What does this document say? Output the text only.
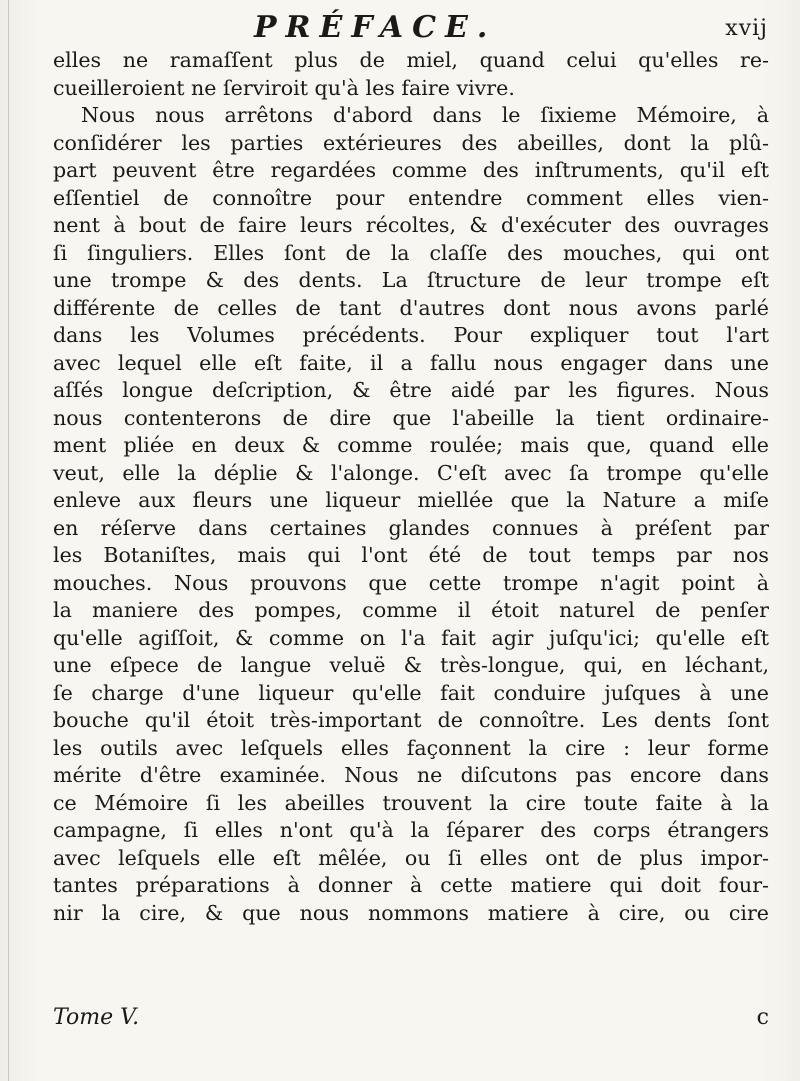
PRÉFACE.	xvij
elles ne ramaſſent plus de miel, quand celui qu'elles re-
cueilleroient ne ſerviroit qu'à les faire vivre.
Nous nous arrêtons d'abord dans le ſixieme Mémoire, à
conſidérer les parties extérieures des abeilles, dont la plû-
part peuvent être regardées comme des inſtruments, qu'il eſt
eſſentiel de connoître pour entendre comment elles vien-
nent à bout de faire leurs récoltes, & d'exécuter des ouvrages
ſi ſinguliers. Elles ſont de la claſſe des mouches, qui ont
une trompe & des dents. La ſtructure de leur trompe eſt
différente de celles de tant d'autres dont nous avons parlé
dans les Volumes précédents. Pour expliquer tout l'art
avec lequel elle eſt faite, il a fallu nous engager dans une
aſſés longue deſcription, & être aidé par les figures. Nous
nous contenterons de dire que l'abeille la tient ordinaire-
ment pliée en deux & comme roulée; mais que, quand elle
veut, elle la déplie & l'alonge. C'eſt avec ſa trompe qu'elle
enleve aux fleurs une liqueur miellée que la Nature a miſe
en réſerve dans certaines glandes connues à préſent par
les Botaniſtes, mais qui l'ont été de tout temps par nos
mouches. Nous prouvons que cette trompe n'agit point à
la maniere des pompes, comme il étoit naturel de penſer
qu'elle agiſſoit, & comme on l'a fait agir juſqu'ici; qu'elle eſt
une eſpece de langue veluë & très-longue, qui, en léchant,
ſe charge d'une liqueur qu'elle fait conduire juſques à une
bouche qu'il étoit très-important de connoître. Les dents ſont
les outils avec leſquels elles façonnent la cire : leur forme
mérite d'être examinée. Nous ne diſcutons pas encore dans
ce Mémoire ſi les abeilles trouvent la cire toute faite à la
campagne, ſi elles n'ont qu'à la ſéparer des corps étrangers
avec leſquels elle eſt mêlée, ou ſi elles ont de plus impor-
tantes préparations à donner à cette matiere qui doit four-
nir la cire, & que nous nommons matiere à cire, ou cire
Tome V.	c
